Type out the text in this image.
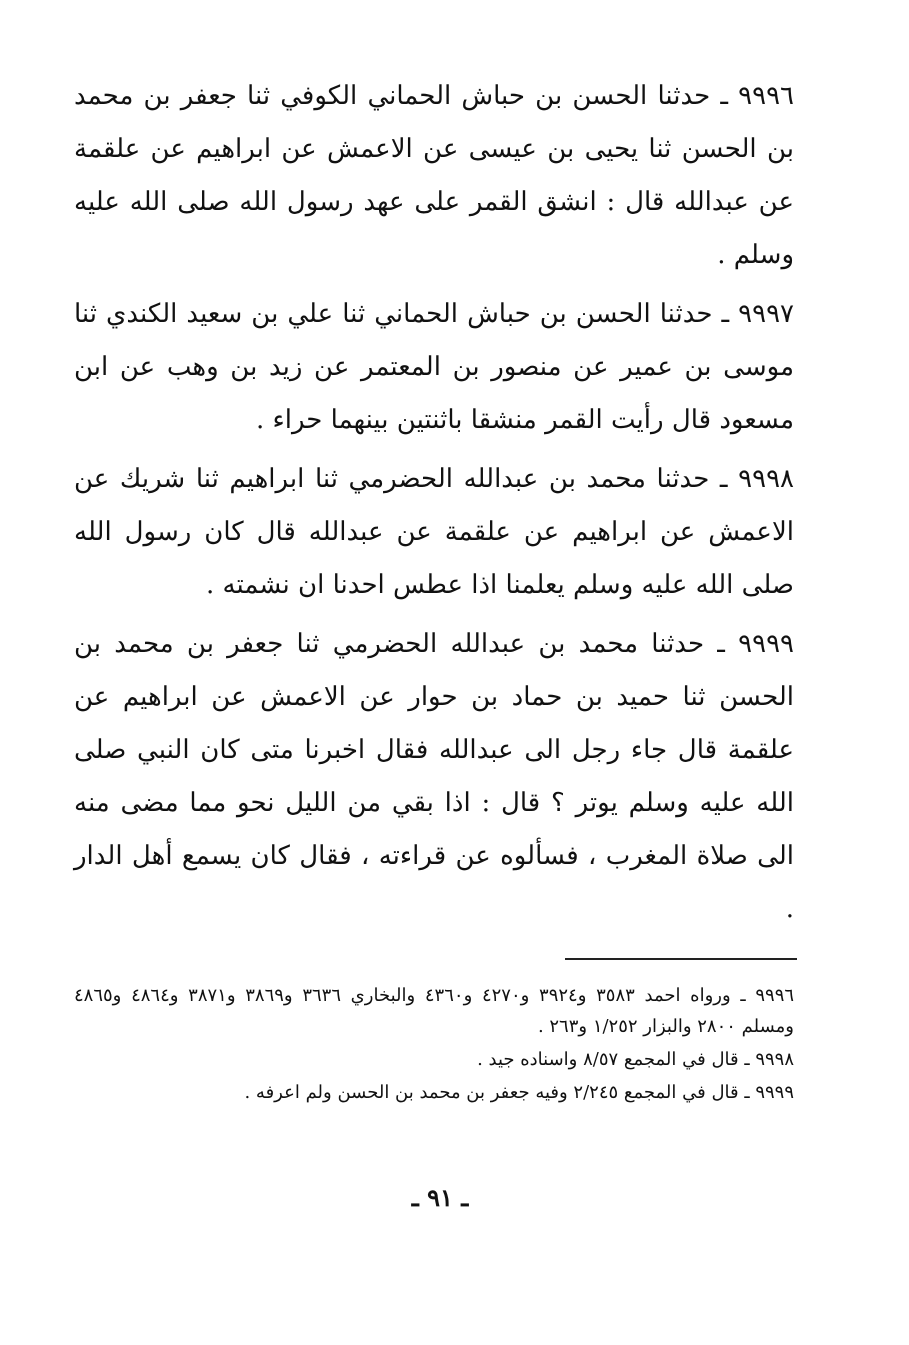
٩٩٩٦ ـ حدثنا الحسن بن حباش الحماني الكوفي ثنا جعفر بن محمد بن الحسن ثنا يحيى بن عيسى عن الاعمش عن ابراهيم عن علقمة عن عبدالله قال : انشق القمر على عهد رسول الله صلى الله عليه وسلم .

٩٩٩٧ ـ حدثنا الحسن بن حباش الحماني ثنا علي بن سعيد الكندي ثنا موسى بن عمير عن منصور بن المعتمر عن زيد بن وهب عن ابن مسعود قال رأيت القمر منشقا باثنتين بينهما حراء .

٩٩٩٨ ـ حدثنا محمد بن عبدالله الحضرمي ثنا ابراهيم ثنا شريك عن الاعمش عن ابراهيم عن علقمة عن عبدالله قال كان رسول الله صلى الله عليه وسلم يعلمنا اذا عطس احدنا ان نشمته .

٩٩٩٩ ـ حدثنا محمد بن عبدالله الحضرمي ثنا جعفر بن محمد بن الحسن ثنا حميد بن حماد بن حوار عن الاعمش عن ابراهيم عن علقمة قال جاء رجل الى عبدالله فقال اخبرنا متى كان النبي صلى الله عليه وسلم يوتر ؟ قال : اذا بقي من الليل نحو مما مضى منه الى صلاة المغرب ، فسألوه عن قراءته ، فقال كان يسمع أهل الدار .

٩٩٩٦ ـ ورواه احمد ٣٥٨٣ و٣٩٢٤ و٤٢٧٠ و٤٣٦٠ والبخاري ٣٦٣٦ و٣٨٦٩ و٣٨٧١ و٤٨٦٤ و٤٨٦٥ ومسلم ٢٨٠٠ والبزار ١/٢٥٢ و٢٦٣ .

٩٩٩٨ ـ قال في المجمع ٨/٥٧ واسناده جيد .

٩٩٩٩ ـ قال في المجمع ٢/٢٤٥ وفيه جعفر بن محمد بن الحسن ولم اعرفه .

ـ ٩١ ـ
